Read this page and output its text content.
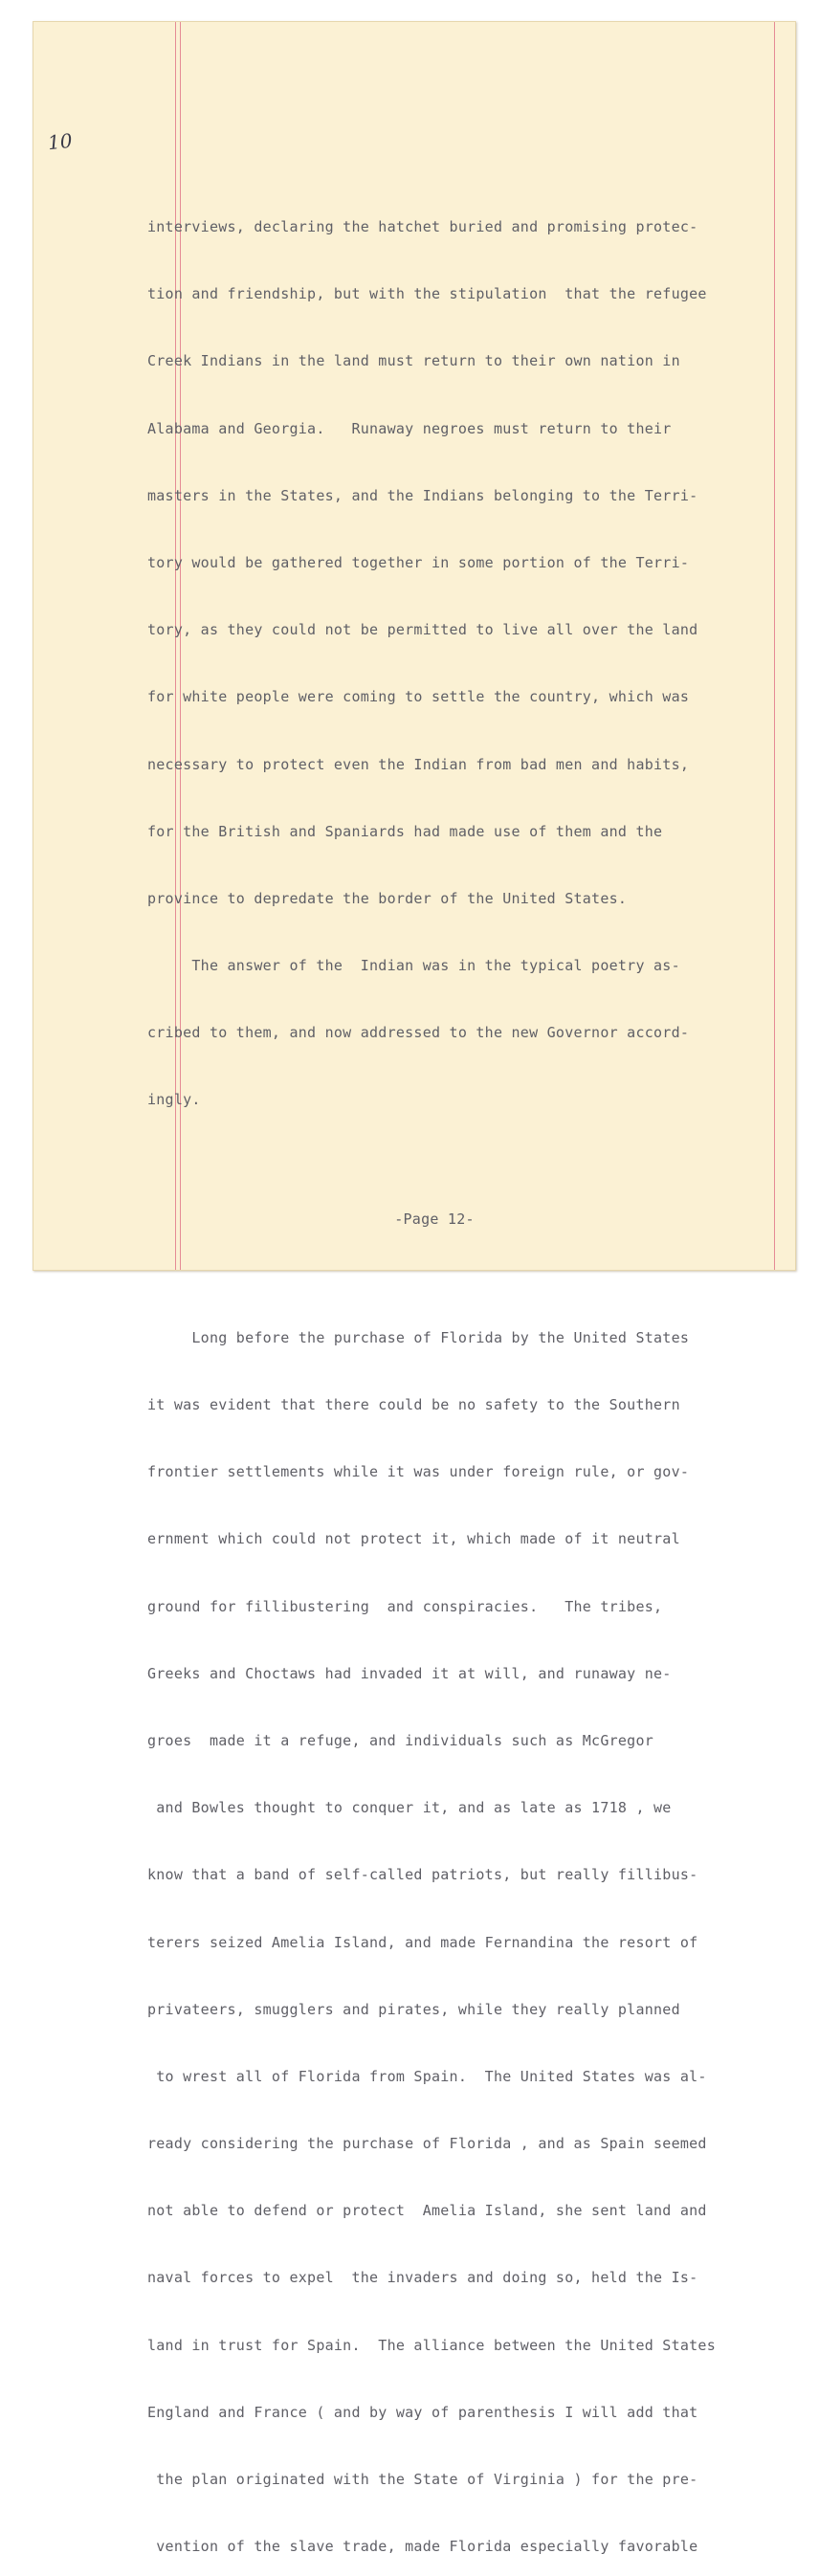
10

interviews, declaring the hatchet buried and promising protec-

tion and friendship, but with the stipulation  that the refugee

Creek Indians in the land must return to their own nation in

Alabama and Georgia.   Runaway negroes must return to their

masters in the States, and the Indians belonging to the Terri-

tory would be gathered together in some portion of the Terri-

tory, as they could not be permitted to live all over the land

for white people were coming to settle the country, which was

necessary to protect even the Indian from bad men and habits,

for the British and Spaniards had made use of them and the

province to depredate the border of the United States.

The answer of the  Indian was in the typical poetry as-

cribed to them, and now addressed to the new Governor accord-

ingly.

-Page 12-

Long before the purchase of Florida by the United States

it was evident that there could be no safety to the Southern

frontier settlements while it was under foreign rule, or gov-

ernment which could not protect it, which made of it neutral

ground for fillibustering  and conspiracies.   The tribes,

Greeks and Choctaws had invaded it at will, and runaway ne-

groes  made it a refuge, and individuals such as McGregor

and Bowles thought to conquer it, and as late as 1718 , we

know that a band of self-called patriots, but really fillibus-

terers seized Amelia Island, and made Fernandina the resort of

privateers, smugglers and pirates, while they really planned

to wrest all of Florida from Spain.  The United States was al-

ready considering the purchase of Florida , and as Spain seemed

not able to defend or protect  Amelia Island, she sent land and

naval forces to expel  the invaders and doing so, held the Is-

land in trust for Spain.  The alliance between the United States

England and France ( and by way of parenthesis I will add that

the plan originated with the State of Virginia ) for the pre-

vention of the slave trade, made Florida especially favorable
